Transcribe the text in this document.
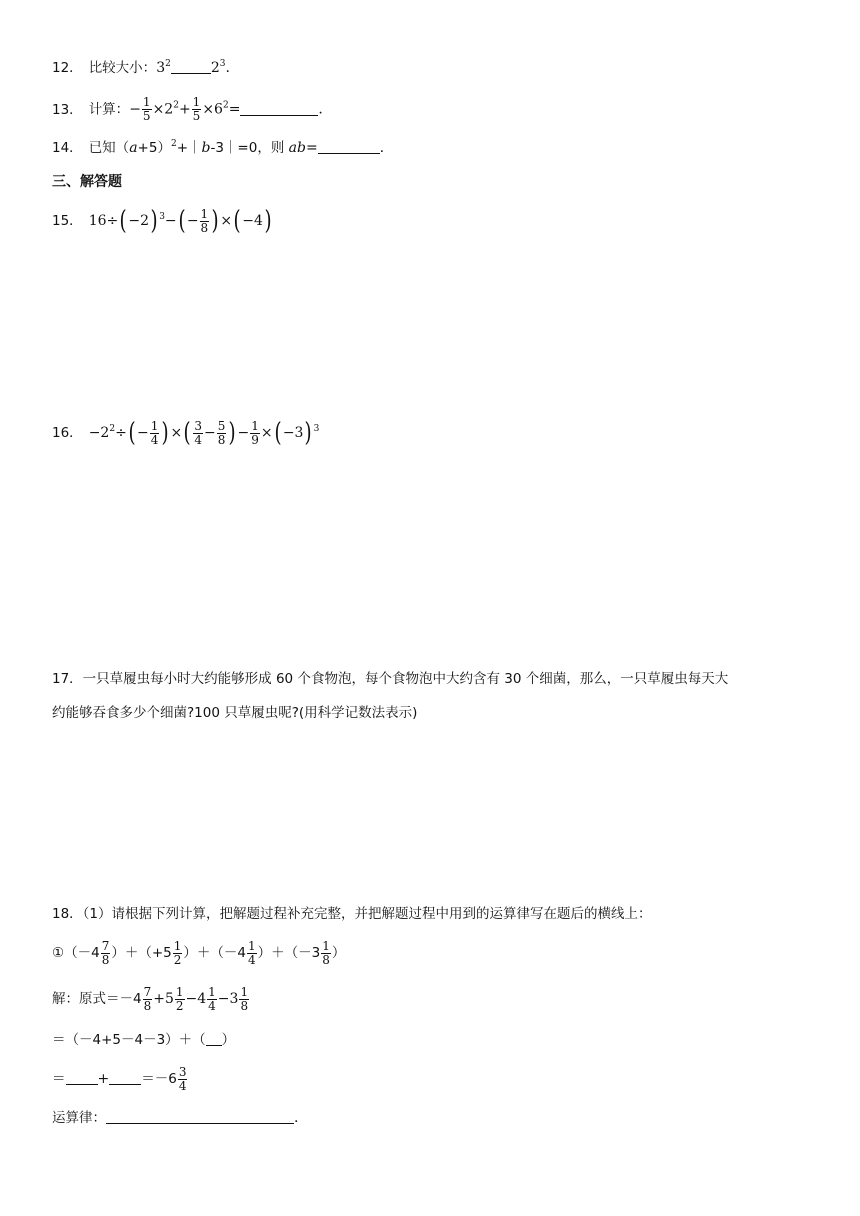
12． 比较大小：$3^2$	$2^3$.
13． 计算：− $\frac{1}{5} \times 2^2+ \frac{1}{5} \times 6^2=$	.
14． 已知$(a+5)^2+|b-3|=0$，则 ab=	.
三、解答题
15． 16÷( −2) $^3-( - \frac{1}{8}$ ) ×( −4)
16． $-2^2\div( - \frac{1}{4}$ ) ×( $\frac{3}{4} - \frac{5}{8}$ ) − $\frac{1}{9}$ ×( −3) $^3$
17．一只草履虫每小时大约能够形成 60 个食物泡，每个食物泡中大约含有 30 个细菌，那么，一只草履虫每天大
约能够吞食多少个细菌?100 只草履虫呢?(用科学记数法表示)
18．（1）请根据下列计算，把解题过程补充完整，并把解题过程中用到的运算律写在题后的横线上：
①（－4 $\frac{7}{8} )+(+5 \frac{1}{2} )+(-4 \frac{1}{4} )+(-3 \frac{1}{8}$ ）
解：原式$=-4 \frac{7}{8} +5 \frac{1}{2} -4 \frac{1}{4} -3 \frac{1}{8}$
＝（－4+5－4－3）＋（ ）
＝ + $=-6 \frac{3}{4}$
运算律：	.
